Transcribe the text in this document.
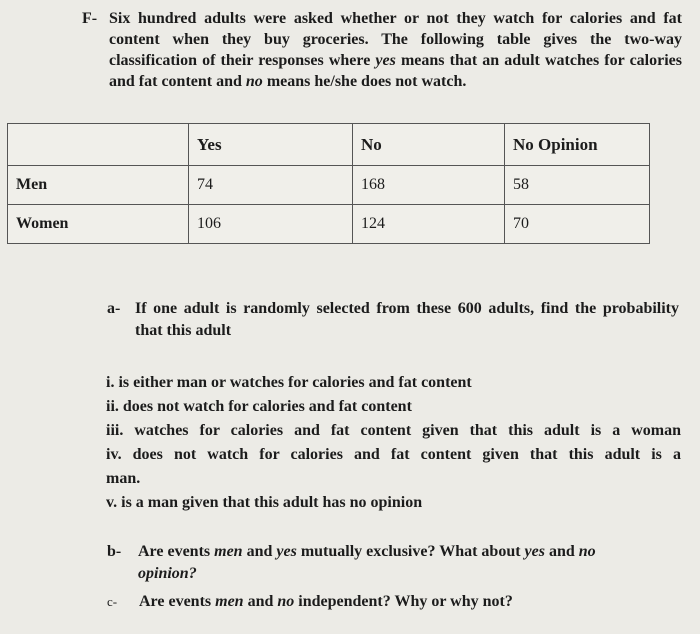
F- Six hundred adults were asked whether or not they watch for calories and fat content when they buy groceries. The following table gives the two-way classification of their responses where yes means that an adult watches for calories and fat content and no means he/she does not watch.
	Yes	No	No Opinion
Men	74	168	58
Women	106	124	70
a- If one adult is randomly selected from these 600 adults, find the probability that this adult
i. is either man or watches for calories and fat content
ii. does not watch for calories and fat content
iii. watches for calories and fat content given that this adult is a woman
iv. does not watch for calories and fat content given that this adult is a
man.
v. is a man given that this adult has no opinion
b- Are events men and yes mutually exclusive? What about yes and no
opinion?
c- Are events men and no independent? Why or why not?
